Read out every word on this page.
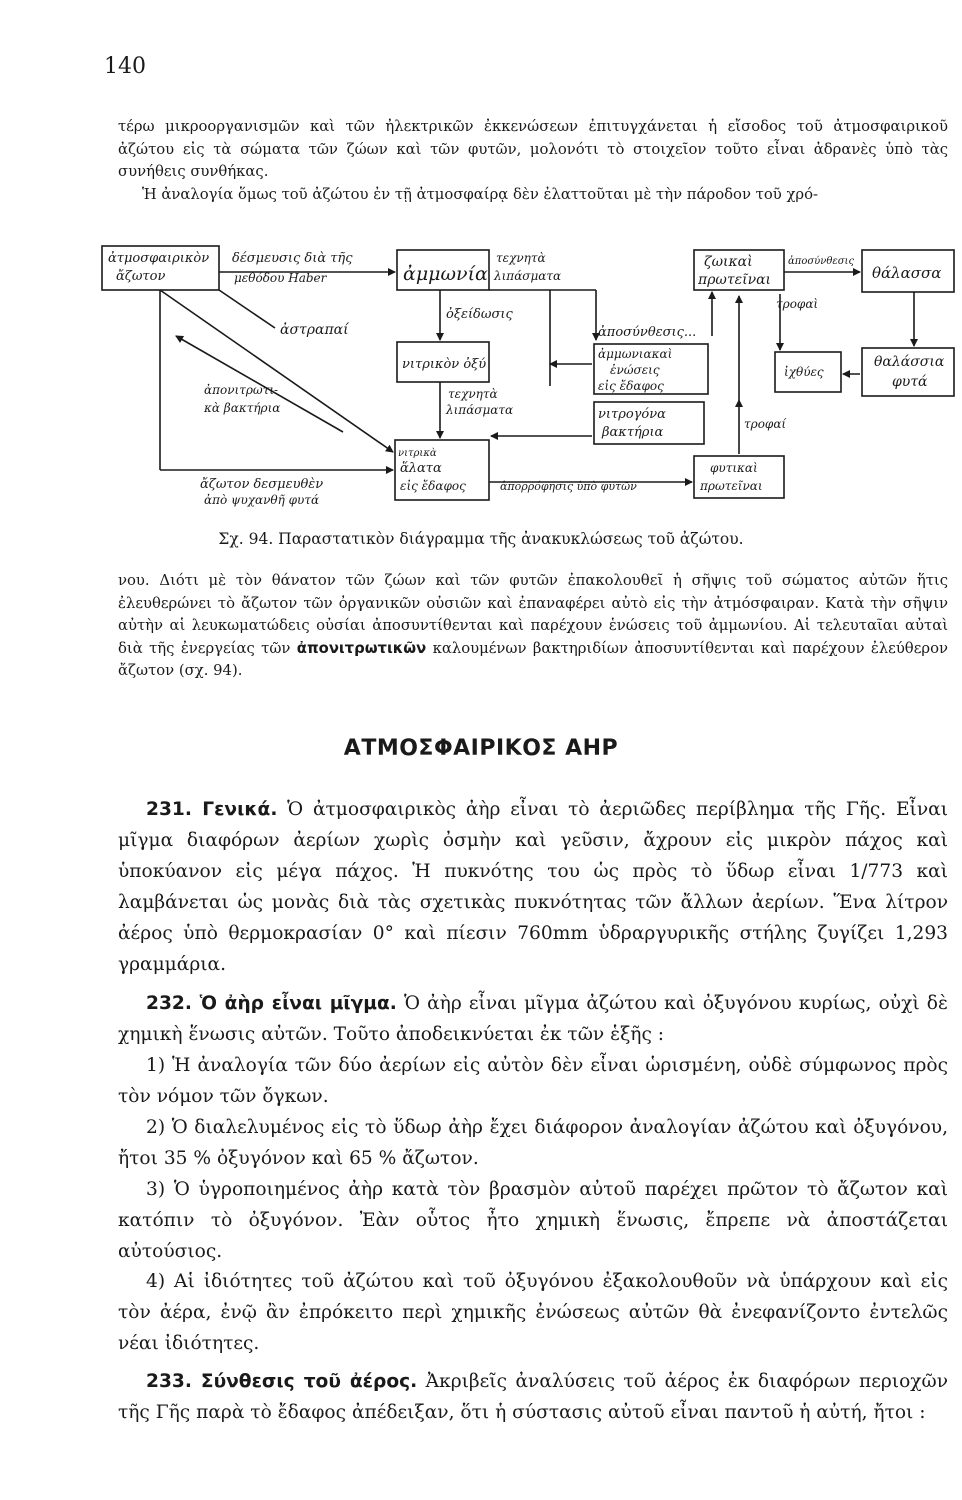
140

τέρω μικροοργανισμῶν καὶ τῶν ἠλεκτρικῶν ἐκκενώσεων ἐπιτυγχάνεται ἡ εἴσοδος τοῦ ἀτμοσφαιρικοῦ ἀζώτου εἰς τὰ σώματα τῶν ζώων καὶ τῶν φυτῶν, μολονότι τὸ στοιχεῖον τοῦτο εἶναι ἀδρανὲς ὑπὸ τὰς συνήθεις συνθήκας.

Ἡ ἀναλογία ὅμως τοῦ ἀζώτου ἐν τῇ ἀτμοσφαίρᾳ δὲν ἐλαττοῦται μὲ τὴν πάροδον τοῦ χρό-

ἀτμοσφαιρικὸν
ἄζωτον
δέσμευσις διὰ τῆς
μεθόδου Haber	ἀμμωνία
τεχνητὰ
λιπάσματα
ζωικαὶ
πρωτεῖναι
ἀποσύνθεσις
θάλασσα
τροφαὶ
ὀξείδωσις
ἀστραπαί
νιτρικὸν ὀξύ
ἀποσύνθεσις...
ἀμμωνιακαὶ
ἐνώσεις
εἰς ἔδαφος
ἰχθύες
θαλάσσια
φυτά
ἀπονιτρωτι-
κὰ βακτήρια
τεχνητὰ
λιπάσματα	νιτρογόνα
βακτήρια
τροφαί
νιτρικὰ
ἅλατα
εἰς ἔδαφος	ἀπορρόφησις ὑπὸ φυτῶν
φυτικαὶ
πρωτεῖναι
ἄζωτον δεσμευθὲν
ἀπὸ ψυχανθῆ φυτά
Σχ. 94. Παραστατικὸν διάγραμμα τῆς ἀνακυκλώσεως τοῦ ἀζώτου.

νου. Διότι μὲ τὸν θάνατον τῶν ζώων καὶ τῶν φυτῶν ἐπακολουθεῖ ἡ σῆψις τοῦ σώματος αὐτῶν ἥτις ἐλευθερώνει τὸ ἄζωτον τῶν ὀργανικῶν οὐσιῶν καὶ ἐπαναφέρει αὐτὸ εἰς τὴν ἀτμόσφαιραν. Κατὰ τὴν σῆψιν αὐτὴν αἱ λευκωματώδεις οὐσίαι ἀποσυντίθενται καὶ παρέχουν ἑνώσεις τοῦ ἀμμωνίου. Αἱ τελευταῖαι αὐταὶ διὰ τῆς ἐνεργείας τῶν ἀπονιτρωτικῶν καλουμένων βακτηριδίων ἀποσυντίθενται καὶ παρέχουν ἐλεύθερον ἄζωτον (σχ. 94).

ΑΤΜΟΣΦΑΙΡΙΚΟΣ ΑΗΡ

231. Γενικά. Ὁ ἀτμοσφαιρικὸς ἀὴρ εἶναι τὸ ἀεριῶδες περίβλημα τῆς Γῆς. Εἶναι μῖγμα διαφόρων ἀερίων χωρὶς ὀσμὴν καὶ γεῦσιν, ἄχρουν εἰς μικρὸν πάχος καὶ ὑποκύανον εἰς μέγα πάχος. Ἡ πυκνότης του ὡς πρὸς τὸ ὕδωρ εἶναι 1/773 καὶ λαμβάνεται ὡς μονὰς διὰ τὰς σχετικὰς πυκνότητας τῶν ἄλλων ἀερίων. Ἕνα λίτρον ἀέρος ὑπὸ θερμοκρασίαν 0° καὶ πίεσιν 760mm ὑδραργυρικῆς στήλης ζυγίζει 1,293 γραμμάρια.

232. Ὁ ἀὴρ εἶναι μῖγμα. Ὁ ἀὴρ εἶναι μῖγμα ἀζώτου καὶ ὀξυγόνου κυρίως, οὐχὶ δὲ χημικὴ ἕνωσις αὐτῶν. Τοῦτο ἀποδεικνύεται ἐκ τῶν ἑξῆς :

1) Ἡ ἀναλογία τῶν δύο ἀερίων εἰς αὐτὸν δὲν εἶναι ὡρισμένη, οὐδὲ σύμφωνος πρὸς τὸν νόμον τῶν ὄγκων.

2) Ὁ διαλελυμένος εἰς τὸ ὕδωρ ἀὴρ ἔχει διάφορον ἀναλογίαν ἀζώτου καὶ ὀξυγόνου, ἤτοι 35 % ὀξυγόνον καὶ 65 % ἄζωτον.

3) Ὁ ὑγροποιημένος ἀὴρ κατὰ τὸν βρασμὸν αὐτοῦ παρέχει πρῶτον τὸ ἄζωτον καὶ κατόπιν τὸ ὀξυγόνον. Ἐὰν οὗτος ἦτο χημικὴ ἕνωσις, ἔπρεπε νὰ ἀποστάζεται αὐτούσιος.

4) Αἱ ἰδιότητες τοῦ ἀζώτου καὶ τοῦ ὀξυγόνου ἐξακολουθοῦν νὰ ὑπάρχουν καὶ εἰς τὸν ἀέρα, ἐνῷ ἂν ἐπρόκειτο περὶ χημικῆς ἐνώσεως αὐτῶν θὰ ἐνεφανίζοντο ἐντελῶς νέαι ἰδιότητες.

233. Σύνθεσις τοῦ ἀέρος. Ἀκριβεῖς ἀναλύσεις τοῦ ἀέρος ἐκ διαφόρων περιοχῶν τῆς Γῆς παρὰ τὸ ἔδαφος ἀπέδειξαν, ὅτι ἡ σύστασις αὐτοῦ εἶναι παντοῦ ἡ αὐτή, ἤτοι :
